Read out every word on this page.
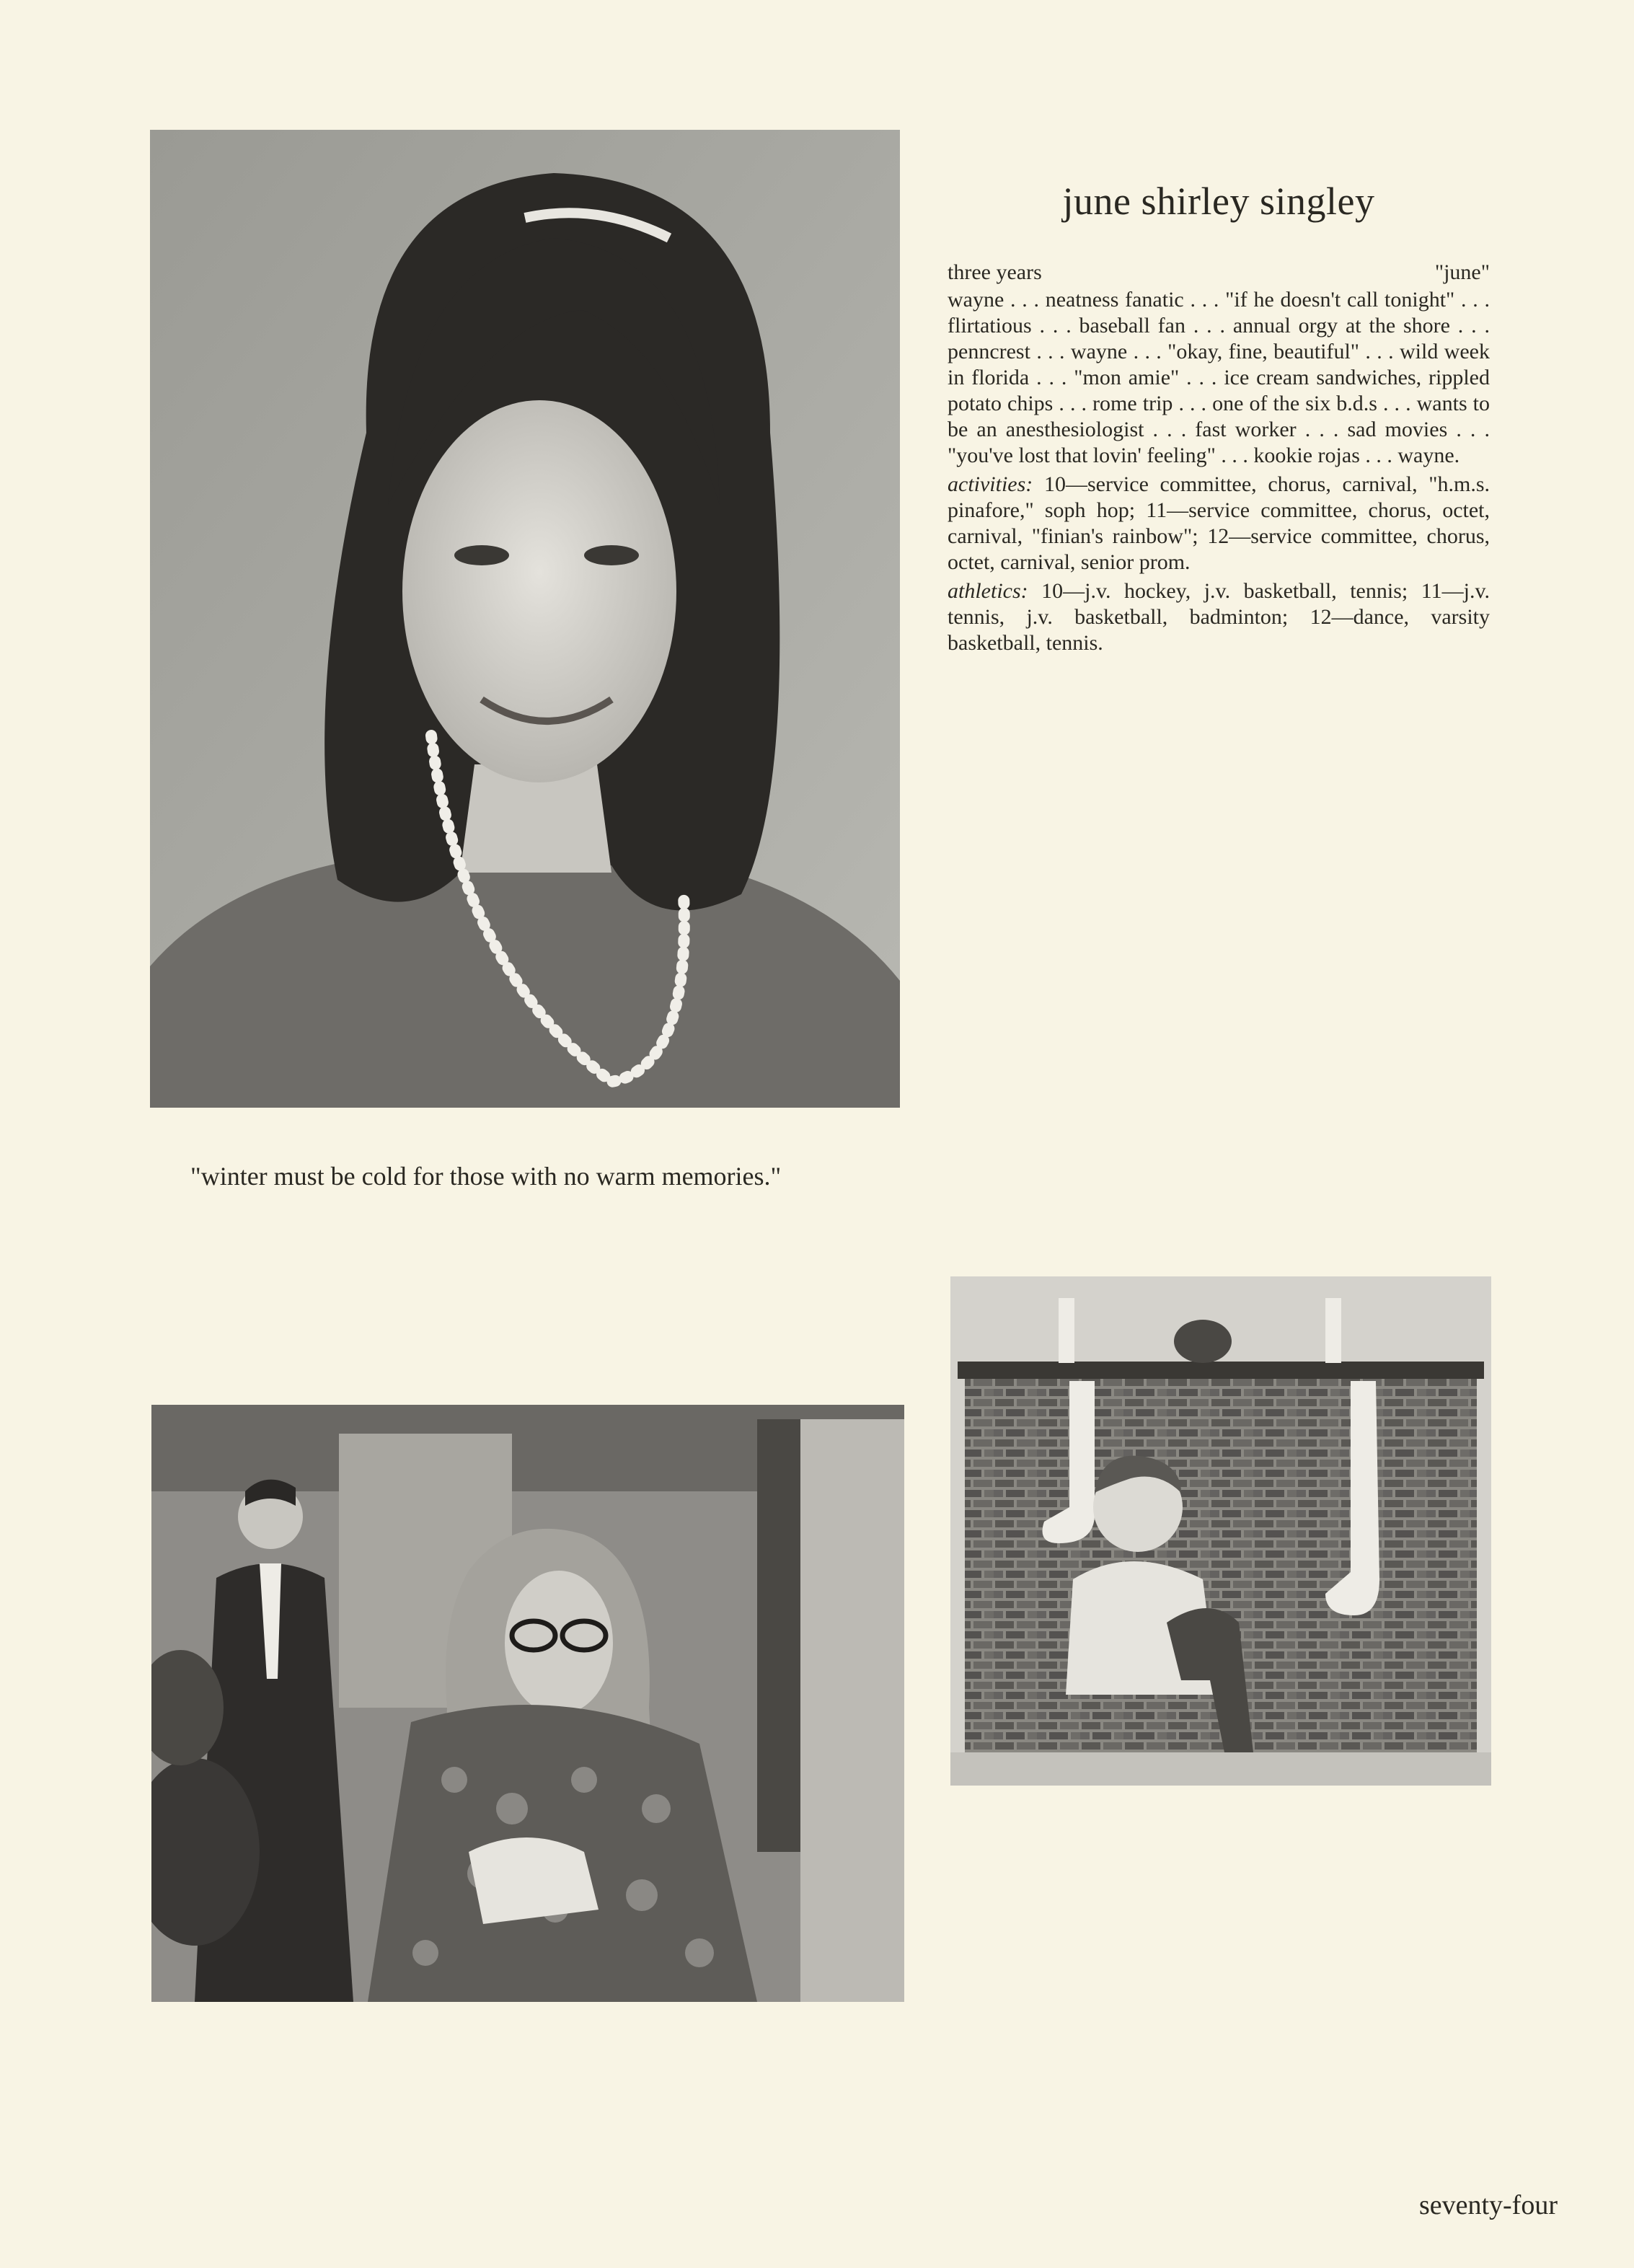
june shirley singley
three years	"june"

wayne . . . neatness fanatic . . . "if he doesn't call tonight" . . . flirtatious . . . baseball fan . . . annual orgy at the shore . . . penncrest . . . wayne . . . "okay, fine, beautiful" . . . wild week in florida . . . "mon amie" . . . ice cream sandwiches, rippled potato chips . . . rome trip . . . one of the six b.d.s . . . wants to be an anesthesiologist . . . fast worker . . . sad movies . . . "you've lost that lovin' feeling" . . . kookie rojas . . . wayne.

activities: 10—service committee, chorus, carnival, "h.m.s. pinafore," soph hop; 11—service committee, chorus, octet, carnival, "finian's rainbow"; 12—service committee, chorus, octet, carnival, senior prom.

athletics: 10—j.v. hockey, j.v. basketball, tennis; 11—j.v. tennis, j.v. basketball, badminton; 12—dance, varsity basketball, tennis.

"winter must be cold for those with no warm memories."
seventy-four
